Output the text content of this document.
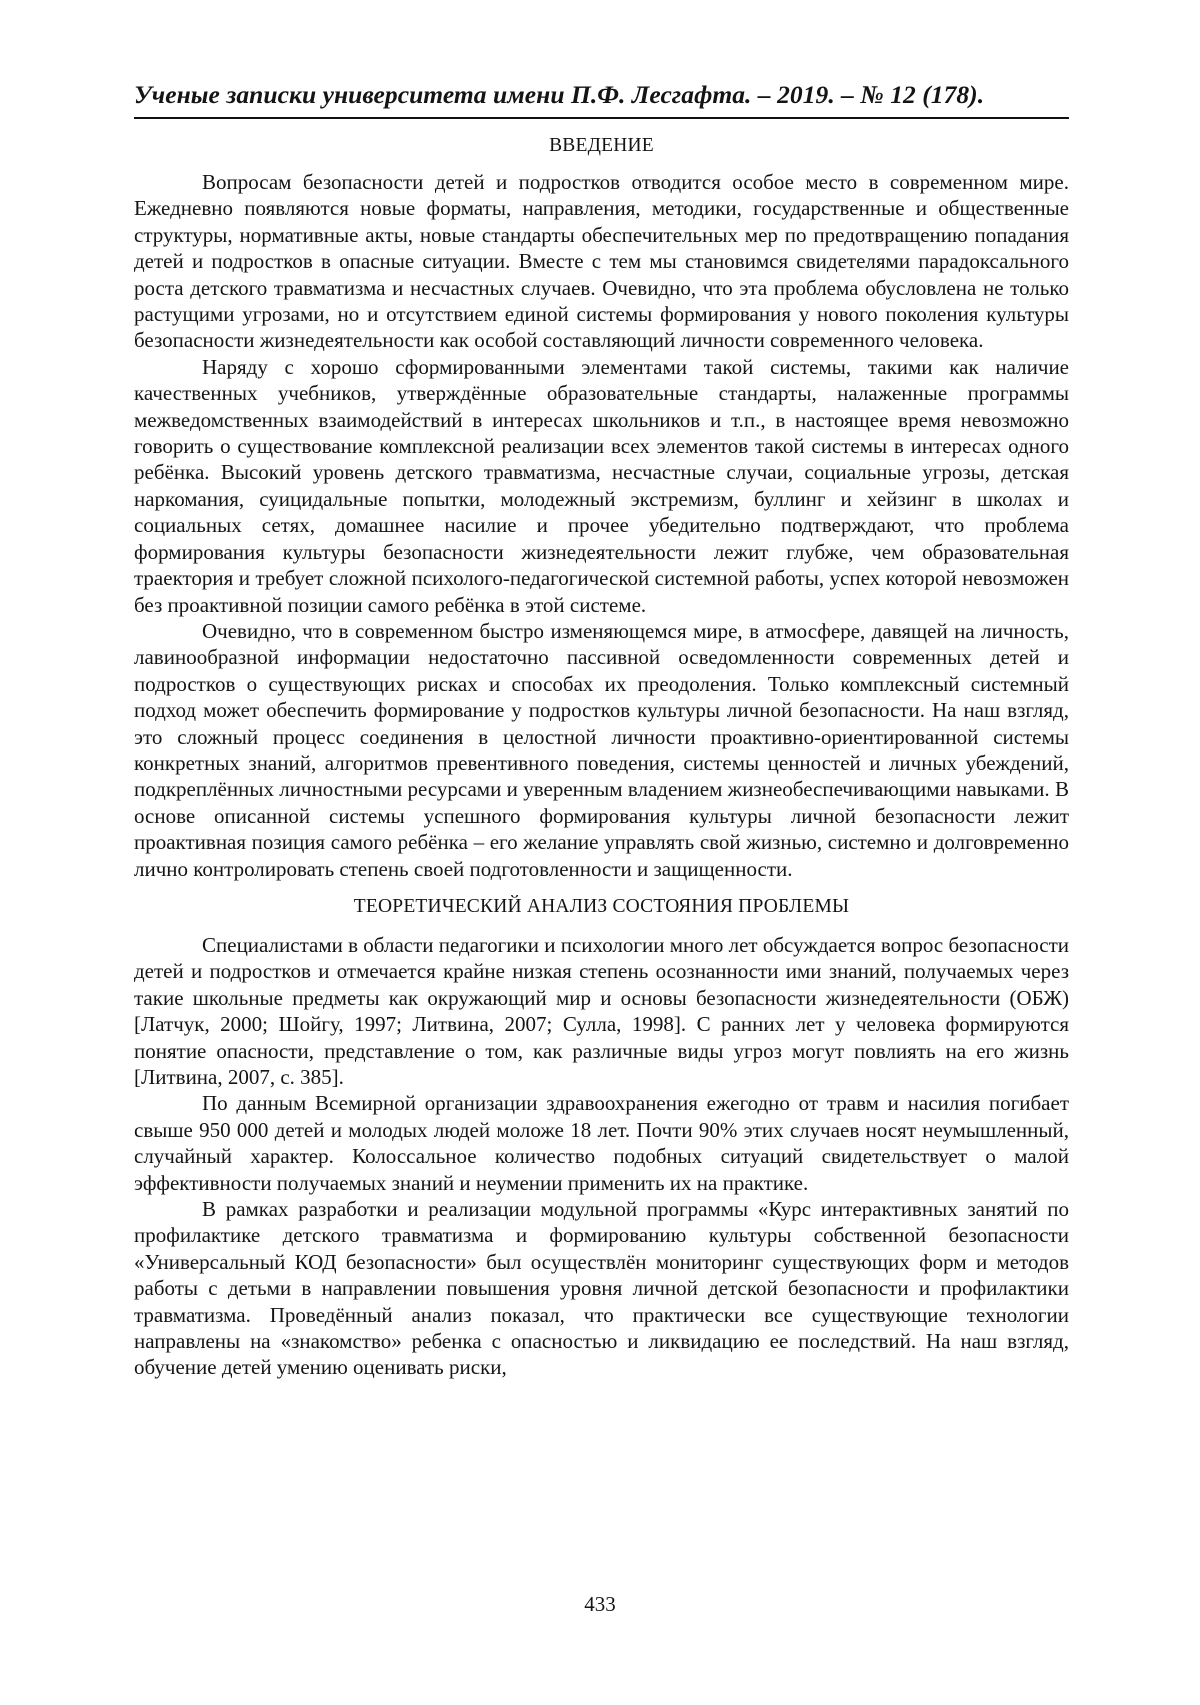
Ученые записки университета имени П.Ф. Лесгафта. – 2019. – № 12 (178).
ВВЕДЕНИЕ

Вопросам безопасности детей и подростков отводится особое место в современном мире. Ежедневно появляются новые форматы, направления, методики, государственные и общественные структуры, нормативные акты, новые стандарты обеспечительных мер по предотвращению попадания детей и подростков в опасные ситуации. Вместе с тем мы становимся свидетелями парадоксального роста детского травматизма и несчастных случаев. Очевидно, что эта проблема обусловлена не только растущими угрозами, но и отсутствием единой системы формирования у нового поколения культуры безопасности жизнедеятельности как особой составляющий личности современного человека.

Наряду с хорошо сформированными элементами такой системы, такими как наличие качественных учебников, утверждённые образовательные стандарты, налаженные программы межведомственных взаимодействий в интересах школьников и т.п., в настоящее время невозможно говорить о существование комплексной реализации всех элементов такой системы в интересах одного ребёнка. Высокий уровень детского травматизма, несчастные случаи, социальные угрозы, детская наркомания, суицидальные попытки, молодежный экстремизм, буллинг и хейзинг в школах и социальных сетях, домашнее насилие и прочее убедительно подтверждают, что проблема формирования культуры безопасности жизнедеятельности лежит глубже, чем образовательная траектория и требует сложной психолого-педагогической системной работы, успех которой невозможен без проактивной позиции самого ребёнка в этой системе.

Очевидно, что в современном быстро изменяющемся мире, в атмосфере, давящей на личность, лавинообразной информации недостаточно пассивной осведомленности современных детей и подростков о существующих рисках и способах их преодоления. Только комплексный системный подход может обеспечить формирование у подростков культуры личной безопасности. На наш взгляд, это сложный процесс соединения в целостной личности проактивно-ориентированной системы конкретных знаний, алгоритмов превентивного поведения, системы ценностей и личных убеждений, подкреплённых личностными ресурсами и уверенным владением жизнеобеспечивающими навыками. В основе описанной системы успешного формирования культуры личной безопасности лежит проактивная позиция самого ребёнка – его желание управлять свой жизнью, системно и долговременно лично контролировать степень своей подготовленности и защищенности.

ТЕОРЕТИЧЕСКИЙ АНАЛИЗ СОСТОЯНИЯ ПРОБЛЕМЫ

Специалистами в области педагогики и психологии много лет обсуждается вопрос безопасности детей и подростков и отмечается крайне низкая степень осознанности ими знаний, получаемых через такие школьные предметы как окружающий мир и основы безопасности жизнедеятельности (ОБЖ) [Латчук, 2000; Шойгу, 1997; Литвина, 2007; Сулла, 1998]. С ранних лет у человека формируются понятие опасности, представление о том, как различные виды угроз могут повлиять на его жизнь [Литвина, 2007, с. 385].

По данным Всемирной организации здравоохранения ежегодно от травм и насилия погибает свыше 950 000 детей и молодых людей моложе 18 лет. Почти 90% этих случаев носят неумышленный, случайный характер. Колоссальное количество подобных ситуаций свидетельствует о малой эффективности получаемых знаний и неумении применить их на практике.

В рамках разработки и реализации модульной программы «Курс интерактивных занятий по профилактике детского травматизма и формированию культуры собственной безопасности «Универсальный КОД безопасности» был осуществлён мониторинг существующих форм и методов работы с детьми в направлении повышения уровня личной детской безопасности и профилактики травматизма. Проведённый анализ показал, что практически все существующие технологии направлены на «знакомство» ребенка с опасностью и ликвидацию ее последствий. На наш взгляд, обучение детей умению оценивать риски,

433
